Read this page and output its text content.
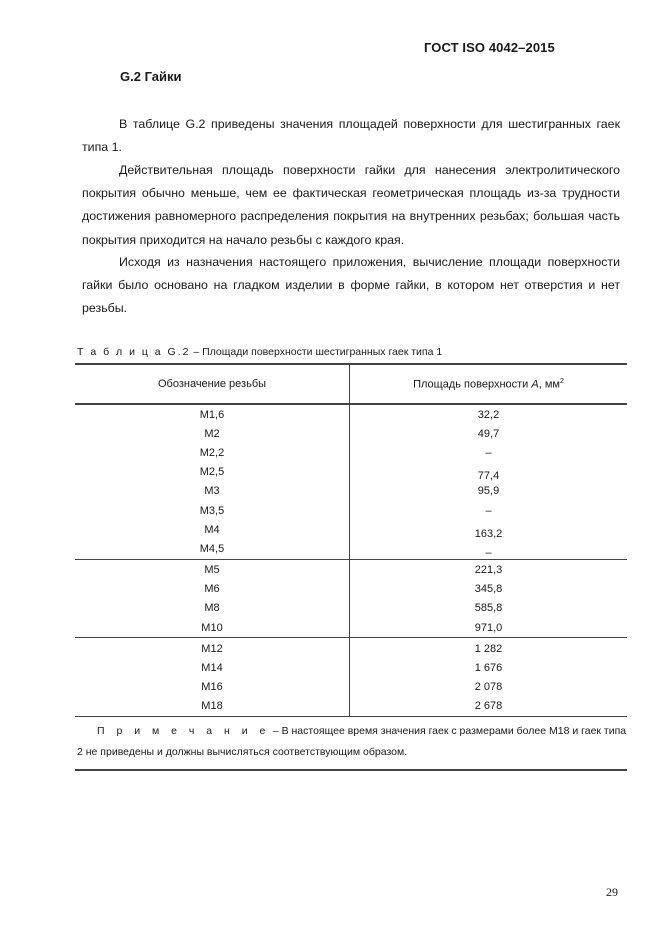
ГОСТ ISO 4042–2015
G.2 Гайки
В таблице G.2 приведены значения площадей поверхности для шестигранных гаек типа 1.
Действительная площадь поверхности гайки для нанесения электролитического покрытия обычно меньше, чем ее фактическая геометрическая площадь из-за трудности достижения равномерного распределения покрытия на внутренних резьбах; большая часть покрытия приходится на начало резьбы с каждого края.
Исходя из назначения настоящего приложения, вычисление площади поверхности гайки было основано на гладком изделии в форме гайки, в котором нет отверстия и нет резьбы.
Т а б л и ц а G.2 – Площади поверхности шестигранных гаек типа 1
Обозначение резьбы	Площадь поверхности A, $мм^2$
M1,6	32,2
M2	49,7
M2,2	–
M2,5	77,4
M3	95,9
M3,5	–
M4	163,2
M4,5	–
M5	221,3
M6	345,8
M8	585,8
M10	971,0
M12	1 282
M14	1 676
M16	2 078
M18	2 678
П р и м е ч а н и е – В настоящее время значения гаек с размерами более М18 и гаек типа 2 не приведены и должны вычисляться соответствующим образом.	
29
